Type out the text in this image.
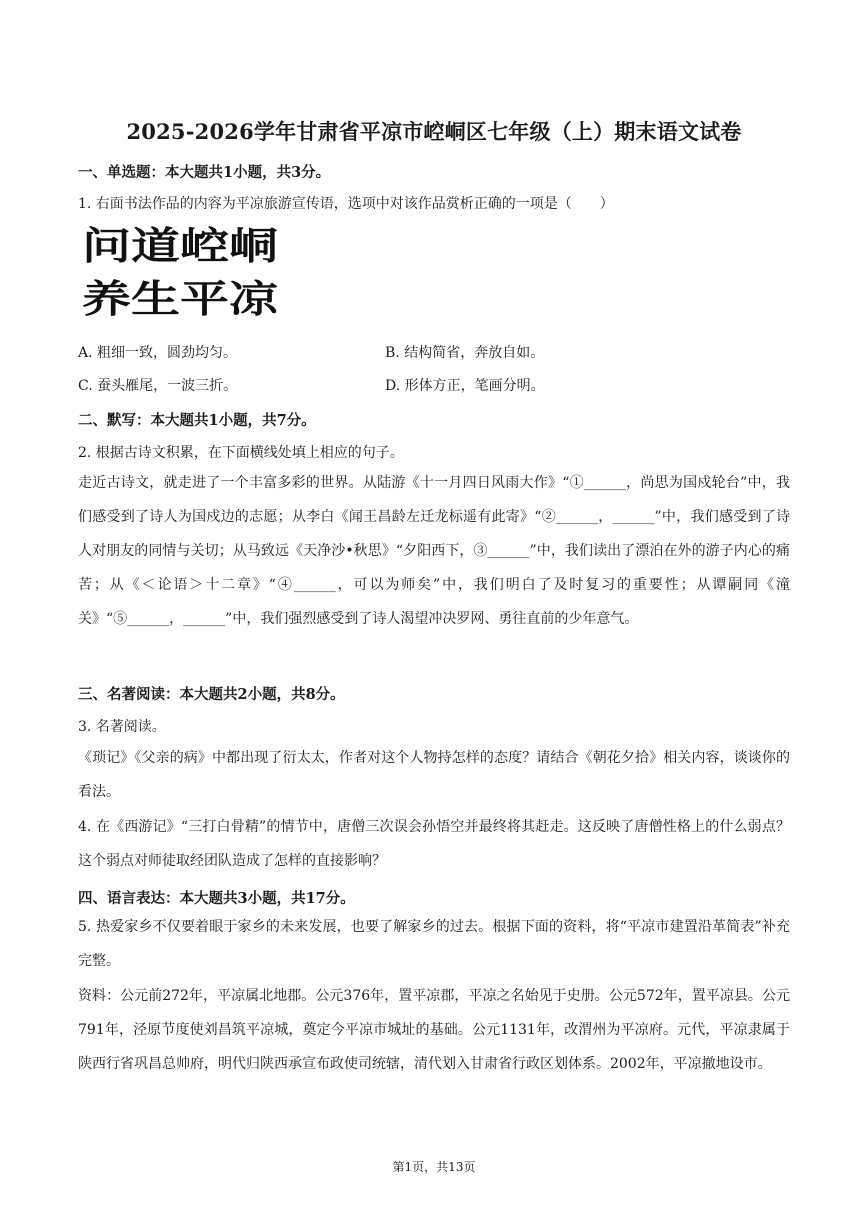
2025-2026学年甘肃省平凉市崆峒区七年级（上）期末语文试卷
一、单选题：本大题共1小题，共3分。
1. 右面书法作品的内容为平凉旅游宣传语，选项中对该作品赏析正确的一项是（　　）
问道崆峒
养生平凉
A. 粗细一致，圆劲均匀。	B. 结构简省，奔放自如。
C. 蚕头雁尾，一波三折。	D. 形体方正，笔画分明。
二、默写：本大题共1小题，共7分。
2. 根据古诗文积累，在下面横线处填上相应的句子。
走近古诗文，就走进了一个丰富多彩的世界。从陆游《十一月四日风雨大作》“①______，尚思为国戍轮台”中，我们感受到了诗人为国戍边的志愿；从李白《闻王昌龄左迁龙标遥有此寄》“②______，______”中，我们感受到了诗人对朋友的同情与关切；从马致远《天净沙•秋思》“夕阳西下，③______”中，我们读出了漂泊在外的游子内心的痛苦；从《＜论语＞十二章》“④______，可以为师矣”中，我们明白了及时复习的重要性；从谭嗣同《潼关》“⑤______，______”中，我们强烈感受到了诗人渴望冲决罗网、勇往直前的少年意气。
三、名著阅读：本大题共2小题，共8分。
3. 名著阅读。
《琐记》《父亲的病》中都出现了衍太太，作者对这个人物持怎样的态度？请结合《朝花夕拾》相关内容，谈谈你的看法。
4. 在《西游记》“三打白骨精”的情节中，唐僧三次误会孙悟空并最终将其赶走。这反映了唐僧性格上的什么弱点？这个弱点对师徒取经团队造成了怎样的直接影响？
四、语言表达：本大题共3小题，共17分。
5. 热爱家乡不仅要着眼于家乡的未来发展，也要了解家乡的过去。根据下面的资料，将“平凉市建置沿革简表”补充完整。
资料：公元前272年，平凉属北地郡。公元376年，置平凉郡，平凉之名始见于史册。公元572年，置平凉县。公元791年，泾原节度使刘昌筑平凉城，奠定今平凉市城址的基础。公元1131年，改渭州为平凉府。元代，平凉隶属于陕西行省巩昌总帅府，明代归陕西承宣布政使司统辖，清代划入甘肃省行政区划体系。2002年，平凉撤地设市。
第1页，共13页
